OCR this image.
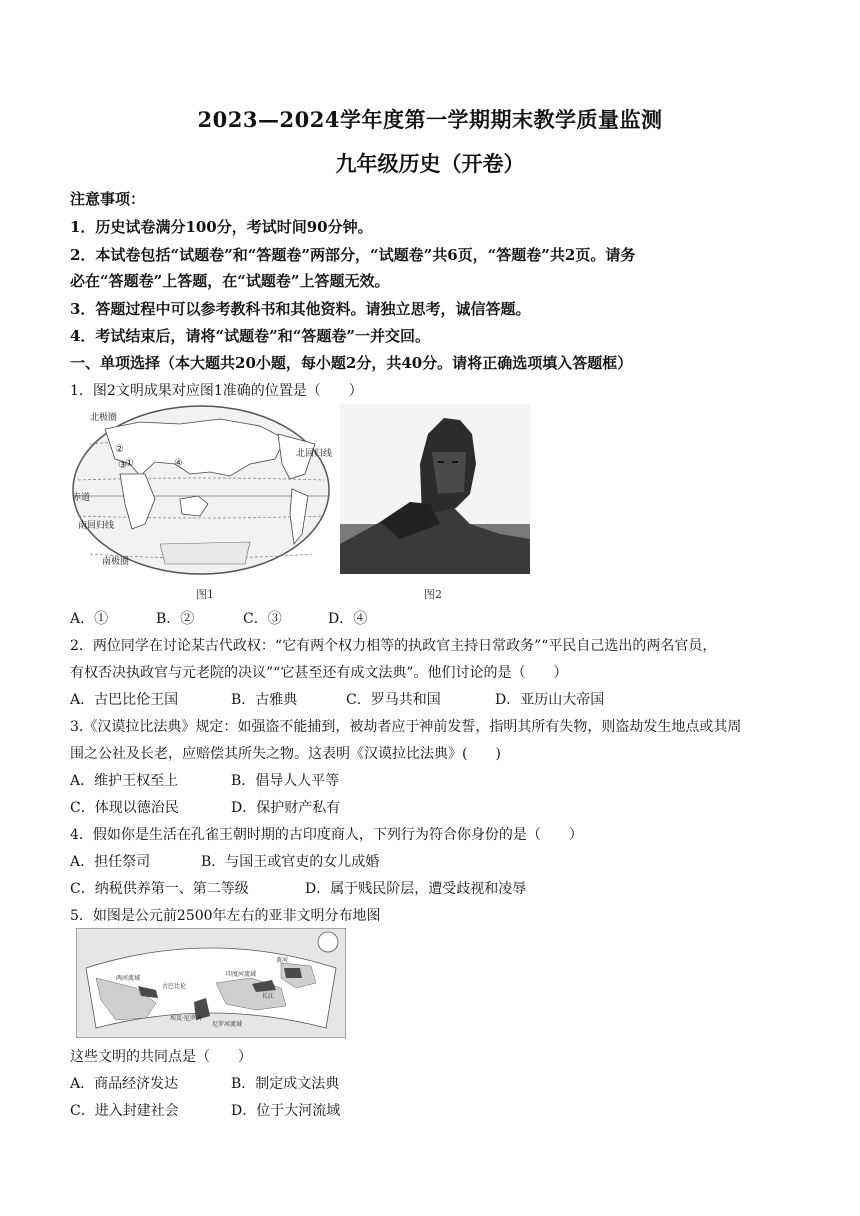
2023—2024学年度第一学期期末教学质量监测
九年级历史（开卷）
注意事项：
1．历史试卷满分100分，考试时间90分钟。
2．本试卷包括“试题卷”和“答题卷”两部分，“试题卷”共6页，“答题卷”共2页。请务
必在“答题卷”上答题，在“试题卷”上答题无效。
3．答题过程中可以参考教科书和其他资料。请独立思考，诚信答题。
4．考试结束后，请将“试题卷”和“答题卷”一并交回。
一、单项选择（本大题共20小题，每小题2分，共40分。请将正确选项填入答题框）
1．图2文明成果对应图1准确的位置是（　　）
北极圈
北回归线
赤道
南回归线
南极圈
①
②
③	④
图1	图2
A．①	B．②	C．③	D．④
2．两位同学在讨论某古代政权：“它有两个权力相等的执政官主持日常政务”“平民自己选出的两名官员，
有权否决执政官与元老院的决议”“它甚至还有成文法典”。他们讨论的是（　　）
A．古巴比伦王国	B．古雅典	C．罗马共和国	D．亚历山大帝国
3.《汉谟拉比法典》规定：如强盗不能捕到，被劫者应于神前发誓，指明其所有失物，则盗劫发生地点或其周
围之公社及长老，应赔偿其所失之物。这表明《汉谟拉比法典》(　　)
A．维护王权至上	B．倡导人人平等
C．体现以德治民	D．保护财产私有
4．假如你是生活在孔雀王朝时期的古印度商人，下列行为符合你身份的是（　　）
A．担任祭司	B．与国王或官吏的女儿成婚
C．纳税供养第一、第二等级	D．属于贱民阶层，遭受歧视和凌辱
5．如图是公元前2500年左右的亚非文明分布地图
两河流域
古巴比伦
印度河流域
黄河
长江
埃及·尼罗河
尼罗河流域
这些文明的共同点是（　　）
A．商品经济发达	B．制定成文法典
C．进入封建社会	D．位于大河流域
